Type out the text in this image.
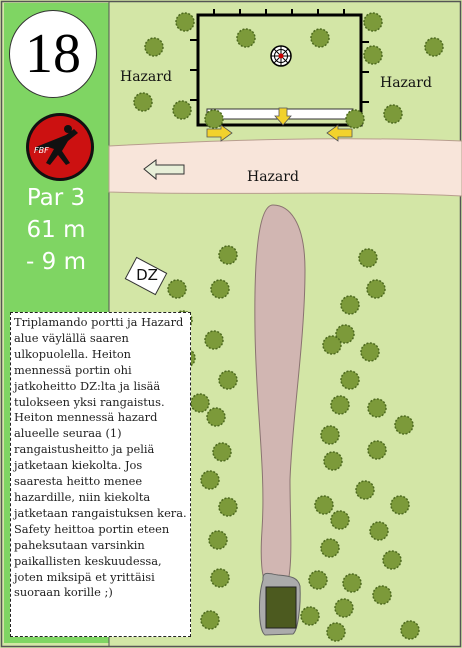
FBF
18
Par 3
61 m
- 9 m
Hazard	Hazard
Hazard
DZ
Triplamando portti ja Hazard alue väylällä saaren ulkopuolella. Heiton mennessä portin ohi jatkoheitto DZ:lta ja lisää tulokseen yksi rangaistus. Heiton mennessä hazard alueelle seuraa (1) rangaistusheitto ja peliä jatketaan kiekolta. Jos saaresta heitto menee hazardille, niin kiekolta jatketaan rangaistuksen kera. Safety heittoa portin eteen paheksutaan varsinkin paikallisten keskuudessa, joten miksipä et yrittäisi suoraan korille ;)
